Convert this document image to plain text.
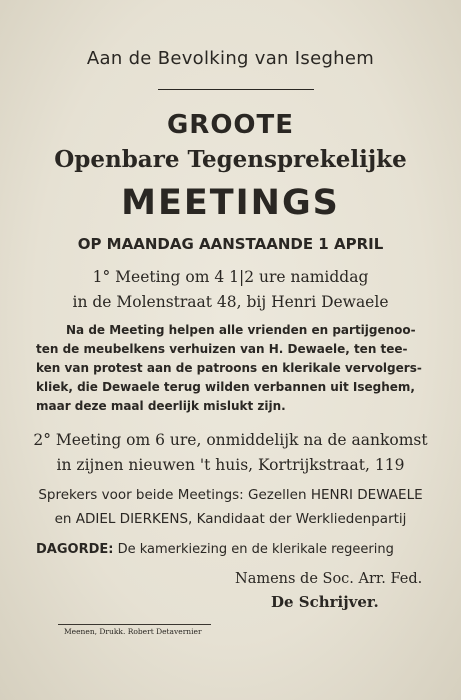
Aan de Bevolking van Iseghem
GROOTE
Openbare Tegensprekelijke
MEETINGS
OP MAANDAG AANSTAANDE 1 APRIL
1° Meeting om 4 1|2 ure namiddag
in de Molenstraat 48, bij Henri Dewaele
Na de Meeting helpen alle vrienden en partijgenoo-
ten de meubelkens verhuizen van H. Dewaele, ten tee-
ken van protest aan de patroons en klerikale vervolgers-
kliek, die Dewaele terug wilden verbannen uit Iseghem,
maar deze maal deerlijk mislukt zijn.
2° Meeting om 6 ure, onmiddelijk na de aankomst
in zijnen nieuwen 't huis, Kortrijkstraat, 119
Sprekers voor beide Meetings: Gezellen HENRI DEWAELE
en ADIEL DIERKENS, Kandidaat der Werkliedenpartij
DAGORDE: De kamerkiezing en de klerikale regeering
Namens de Soc. Arr. Fed.
De Schrijver.
Meenen, Drukk. Robert Detavernier
